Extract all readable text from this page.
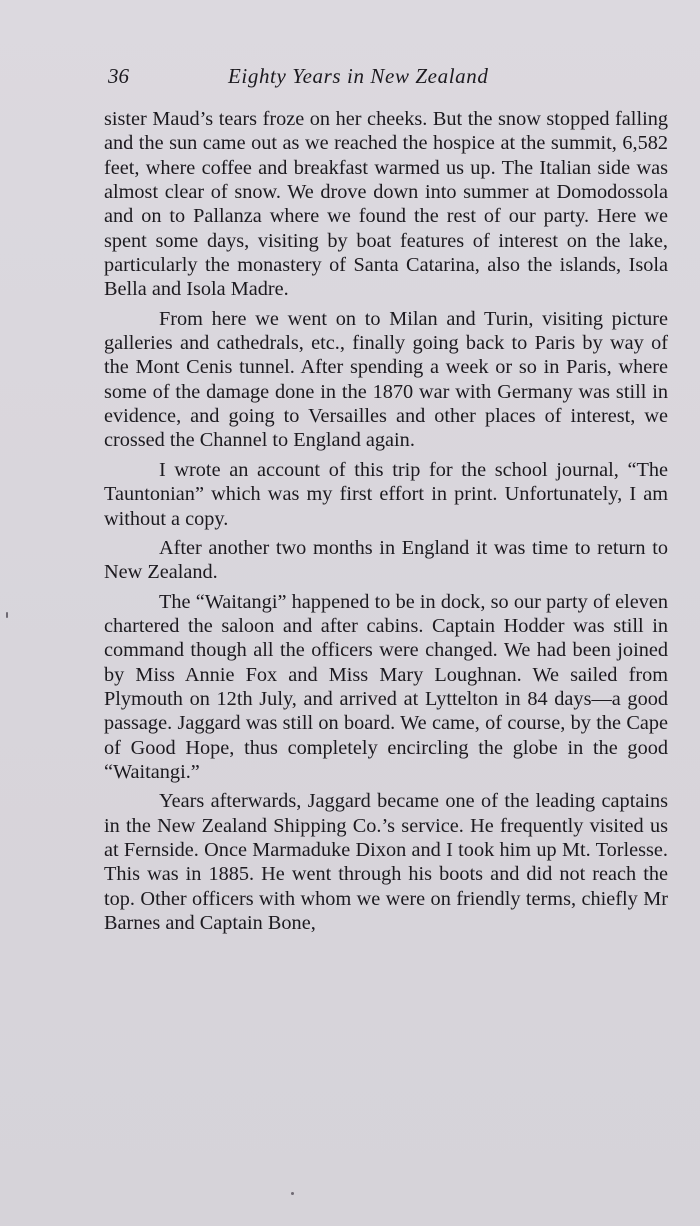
36	Eighty Years in New Zealand

sister Maud’s tears froze on her cheeks. But the snow stopped falling and the sun came out as we reached the hospice at the summit, 6,582 feet, where coffee and breakfast warmed us up. The Italian side was almost clear of snow. We drove down into summer at Domodossola and on to Pallanza where we found the rest of our party. Here we spent some days, visiting by boat features of interest on the lake, particularly the monastery of Santa Catarina, also the islands, Isola Bella and Isola Madre.

From here we went on to Milan and Turin, visiting picture galleries and cathedrals, etc., finally going back to Paris by way of the Mont Cenis tunnel. After spending a week or so in Paris, where some of the damage done in the 1870 war with Germany was still in evidence, and going to Versailles and other places of interest, we crossed the Channel to England again.

I wrote an account of this trip for the school journal, “The Tauntonian” which was my first effort in print. Unfortunately, I am without a copy.

After another two months in England it was time to return to New Zealand.

The “Waitangi” happened to be in dock, so our party of eleven chartered the saloon and after cabins. Captain Hodder was still in command though all the officers were changed. We had been joined by Miss Annie Fox and Miss Mary Loughnan. We sailed from Plymouth on 12th July, and arrived at Lyttelton in 84 days—a good passage. Jaggard was still on board. We came, of course, by the Cape of Good Hope, thus completely encircling the globe in the good “Waitangi.”

Years afterwards, Jaggard became one of the leading captains in the New Zealand Shipping Co.’s service. He frequently visited us at Fernside. Once Marmaduke Dixon and I took him up Mt. Torlesse. This was in 1885. He went through his boots and did not reach the top. Other officers with whom we were on friendly terms, chiefly Mr Barnes and Captain Bone,
